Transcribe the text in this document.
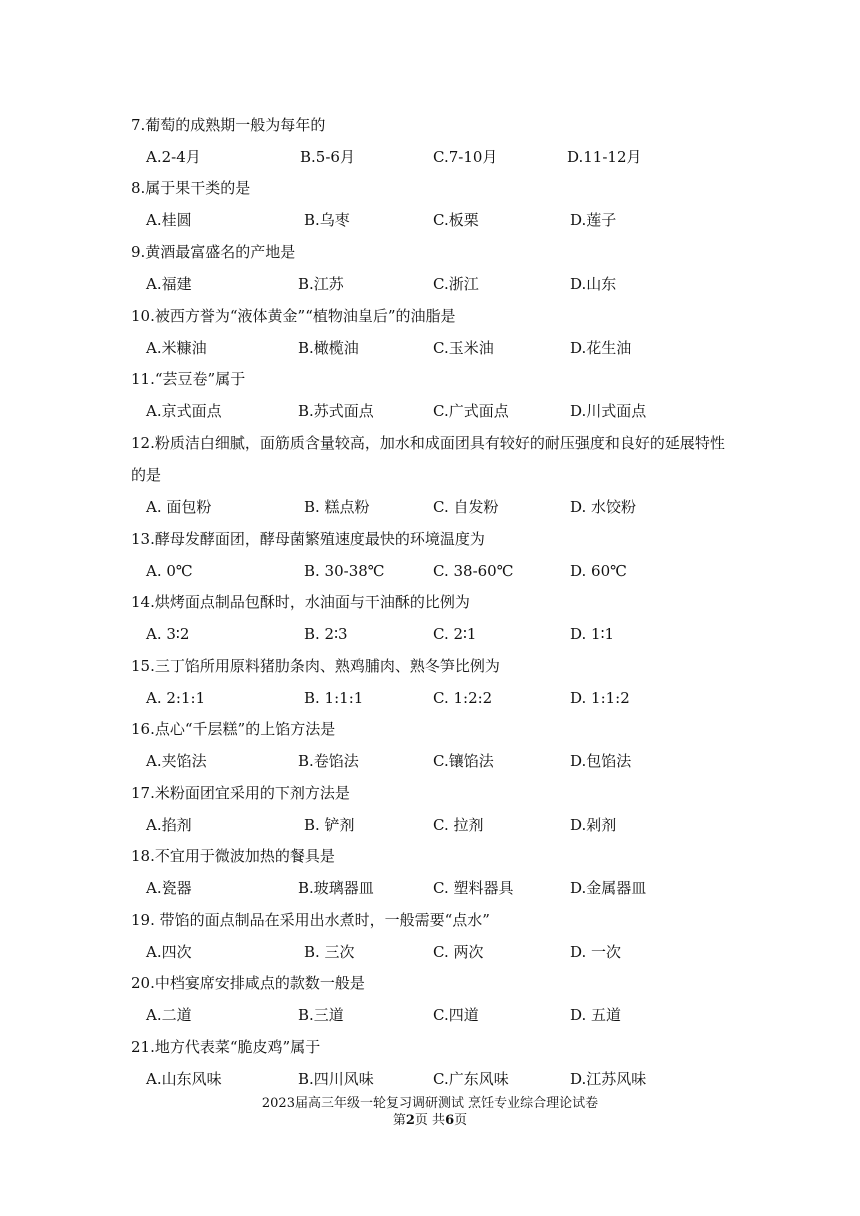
7.葡萄的成熟期一般为每年的
A.2-4月	B.5-6月	C.7-10月	D.11-12月
8.属于果干类的是
A.桂圆	B.乌枣	C.板栗	D.莲子
9.黄酒最富盛名的产地是
A.福建	B.江苏	C.浙江	D.山东
10.被西方誉为“液体黄金”“植物油皇后”的油脂是
A.米糠油	B.橄榄油	C.玉米油	D.花生油
11.“芸豆卷”属于
A.京式面点	B.苏式面点	C.广式面点	D.川式面点
12.粉质洁白细腻，面筋质含量较高，加水和成面团具有较好的耐压强度和良好的延展特性
的是
A. 面包粉	B. 糕点粉	C. 自发粉	D. 水饺粉
13.酵母发酵面团，酵母菌繁殖速度最快的环境温度为
A. 0℃	B. 30-38℃	C. 38-60℃	D. 60℃
14.烘烤面点制品包酥时，水油面与干油酥的比例为
A. 3∶2	B. 2∶3	C. 2∶1	D. 1∶1
15.三丁馅所用原料猪肋条肉、熟鸡脯肉、熟冬笋比例为
A. 2:1:1	B. 1:1:1	C. 1:2:2	D. 1:1:2
16.点心“千层糕”的上馅方法是
A.夹馅法	B.卷馅法	C.镶馅法	D.包馅法
17.米粉面团宜采用的下剂方法是
A.掐剂	B. 铲剂	C. 拉剂	D.剁剂
18.不宜用于微波加热的餐具是
A.瓷器	B.玻璃器皿	C. 塑料器具	D.金属器皿
19. 带馅的面点制品在采用出水煮时，一般需要“点水”
A.四次	B. 三次	C. 两次	D. 一次
20.中档宴席安排咸点的款数一般是
A.二道	B.三道	C.四道	D. 五道
21.地方代表菜“脆皮鸡”属于
A.山东风味	B.四川风味	C.广东风味	D.江苏风味
2023届高三年级一轮复习调研测试 烹饪专业综合理论试卷
第2页 共6页
